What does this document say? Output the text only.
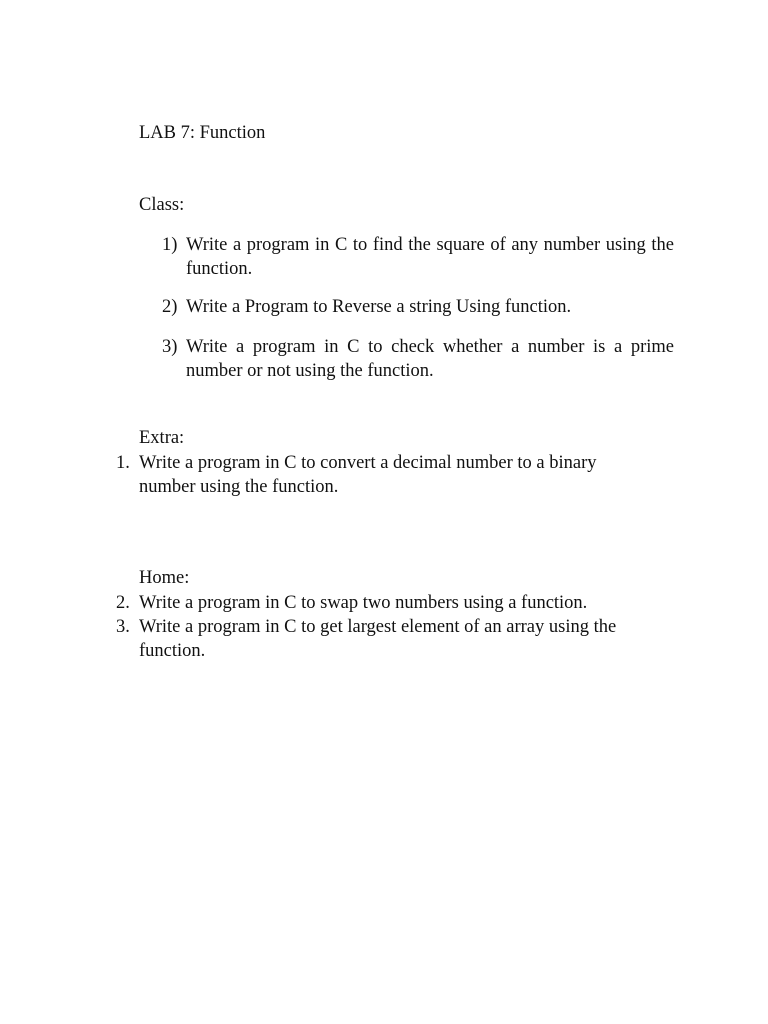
LAB 7: Function
Class:
1) Write a program in C to find the square of any number using the function.
2) Write a Program to Reverse a string Using function.
3) Write a program in C to check whether a number is a prime number or not using the function.
Extra:
1. Write a program in C to convert a decimal number to a binary number using the function.
Home:
2. Write a program in C to swap two numbers using a function.
3. Write a program in C to get largest element of an array using the function.
